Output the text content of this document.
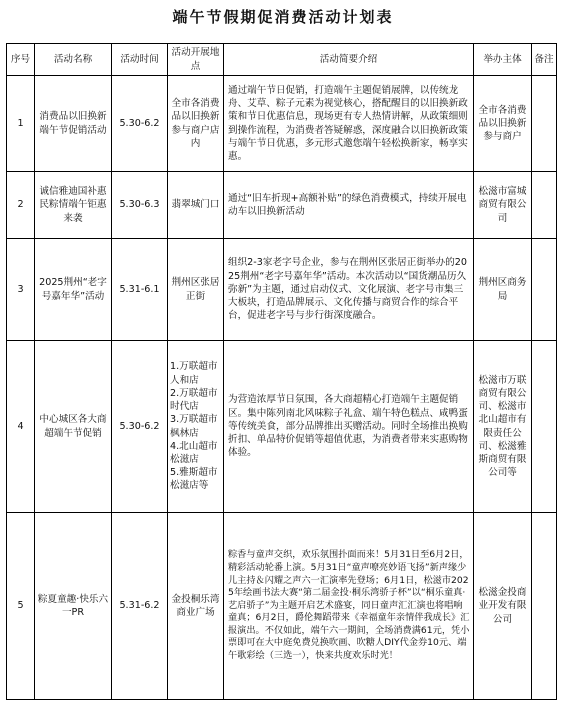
端午节假期促消费活动计划表
序号	活动名称	活动时间	活动开展地点	活动简要介绍	举办主体	备注
1	消费品以旧换新端午节促销活动	5.30-6.2	全市各消费品以旧换新参与商户店内	通过端午节日促销，打造端午主题促销展牌，以传统龙舟、艾草、粽子元素为视觉核心，搭配醒目的以旧换新政策和节日优惠信息，现场更有专人热情讲解，从政策细则到操作流程，为消费者答疑解惑，深度融合以旧换新政策与端午节日优惠，多元形式邀您端午轻松换新家，畅享实惠。	全市各消费品以旧换新参与商户	
2	诚信雅迪国补惠民粽情端午钜惠来袭	5.30-6.3	翡翠城门口	通过“旧车折现+高额补贴”的绿色消费模式，持续开展电动车以旧换新活动	松滋市富城商贸有限公司	
3	2025荆州“老字号嘉年华”活动	5.31-6.1	荆州区张居正街	组织2-3家老字号企业，参与在荆州区张居正街举办的2025荆州“老字号嘉年华”活动。本次活动以“国货潮品历久弥新”为主题，通过启动仪式、文化展演、老字号市集三大板块，打造品牌展示、文化传播与商贸合作的综合平台，促进老字号与步行街深度融合。	荆州区商务局	
4	中心城区各大商超端午节促销	5.30-6.2	1.万联超市人和店
2.万联超市时代店
3.万联超市枫林店
4.北山超市松滋店
5.雅斯超市松滋店等	为营造浓厚节日氛围，各大商超精心打造端午主题促销区。集中陈列南北风味粽子礼盒、端午特色糕点、咸鸭蛋等传统美食，部分品牌推出买赠活动。同时全场推出换购折扣、单品特价促销等超值优惠，为消费者带来实惠购物体验。	松滋市万联商贸有限公司、松滋市北山超市有限责任公司、松滋雅斯商贸有限公司等	
5	粽夏童趣·快乐六一PR	5.31-6.2	金投桐乐湾商业广场	粽香与童声交织，欢乐氛围扑面而来！5月31日至6月2日，精彩活动轮番上演。5月31日“童声嘹亮妙语飞扬”新声缘少儿主持＆闪耀之声六一汇演率先登场；6月1日，松滋市2025年绘画书法大赛“第二届金投·桐乐湾骄子杯”以“桐乐童真·艺启骄子”为主题开启艺术盛宴，同日童声汇汇演也将唱响童真；6月2日，爵伦舞蹈带来《幸福童年亲情伴我成长》汇报演出。不仅如此，端午六一期间，全场消费满61元，凭小票即可在大中庭免费兑换吹画、吹糖人DIY代金券10元、端午歌彩绘（三选一），快来共度欢乐时光！	松滋金投商业开发有限公司	
